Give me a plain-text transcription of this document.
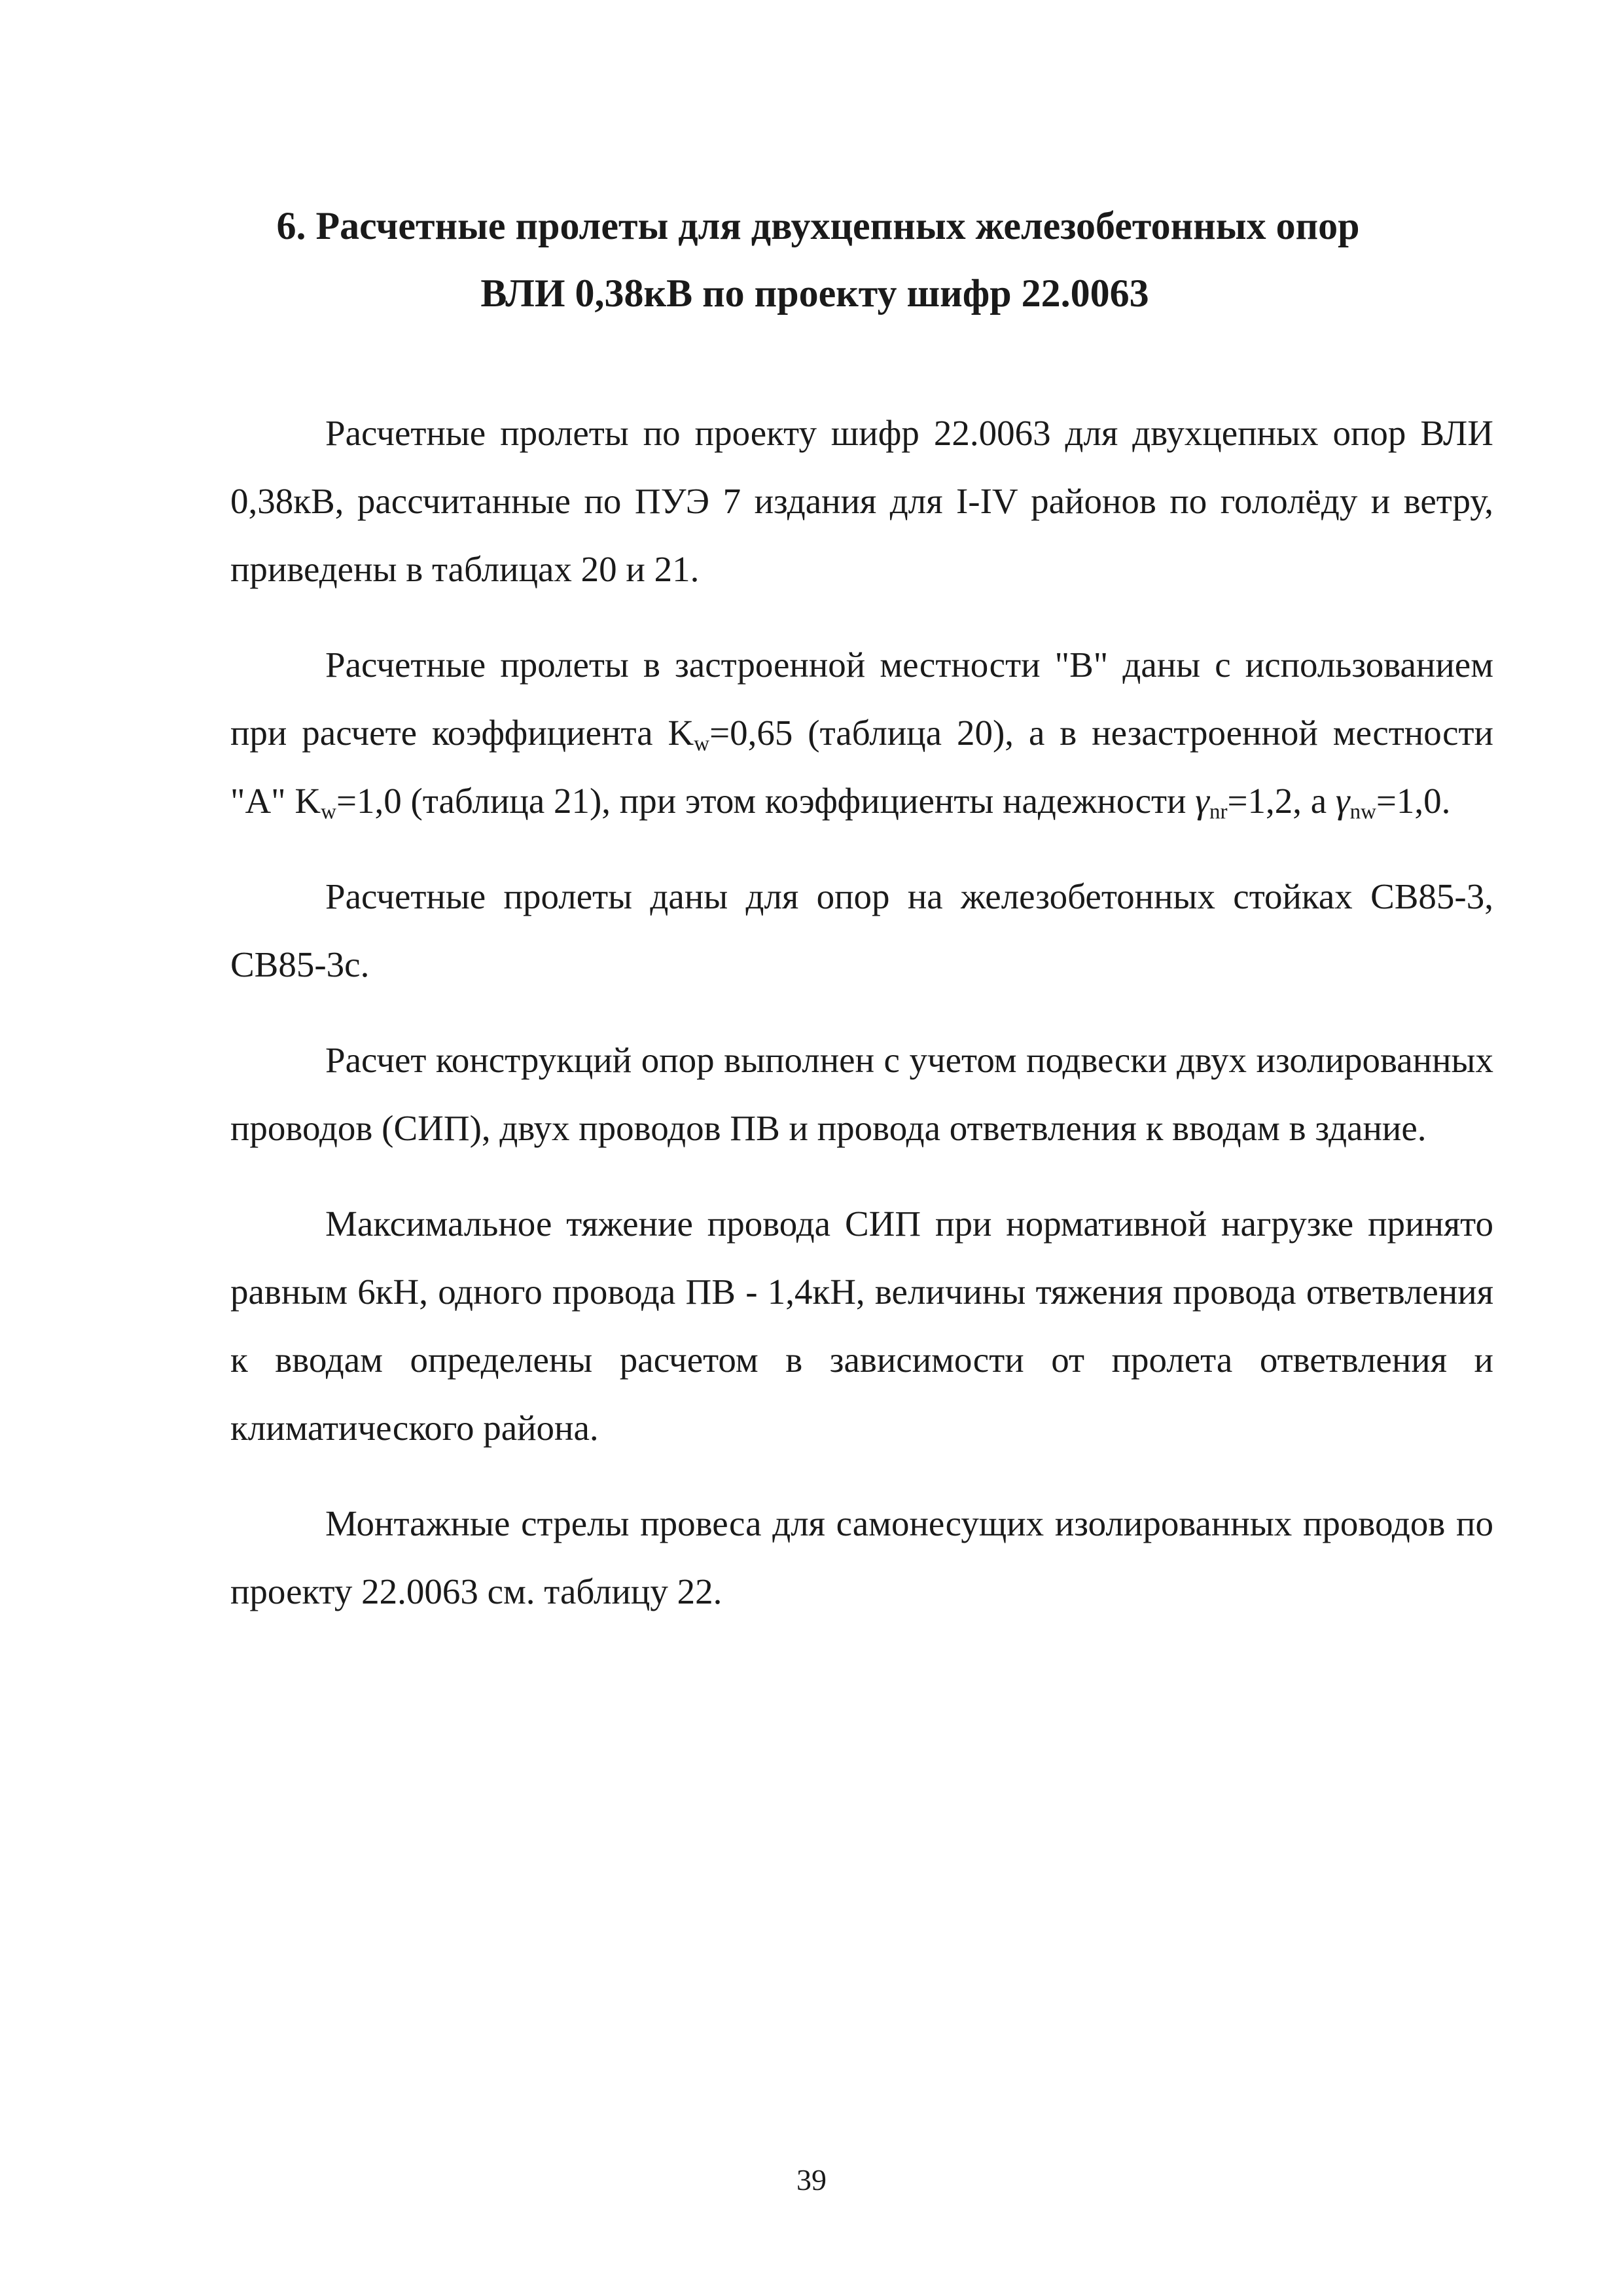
6. Расчетные пролеты для двухцепных железобетонных опор
ВЛИ 0,38кВ по проекту шифр 22.0063

Расчетные пролеты по проекту шифр 22.0063 для двухцепных опор ВЛИ 0,38кВ, рассчитанные по ПУЭ 7 издания для I-IV районов по гололёду и ветру, приведены в таблицах 20 и 21.

Расчетные пролеты в застроенной местности "В" даны с использованием при расчете коэффициента $K_w=0,65$ (таблица 20), а в незастроенной местности "А" $K_w=1,0$ (таблица 21), при этом коэффициенты надежности $\gamma_{nr}=1,2$, а $\gamma_{nw}=1,0$.

Расчетные пролеты даны для опор на железобетонных стойках СВ85-3, СВ85-3с.

Расчет конструкций опор выполнен с учетом подвески двух изолированных проводов (СИП), двух проводов ПВ и провода ответвления к вводам в здание.

Максимальное тяжение провода СИП при нормативной нагрузке принято равным 6кН, одного провода ПВ - 1,4кН, величины тяжения провода ответвления к вводам определены расчетом в зависимости от пролета ответвления и климатического района.

Монтажные стрелы провеса для самонесущих изолированных проводов по проекту 22.0063 см. таблицу 22.

39
